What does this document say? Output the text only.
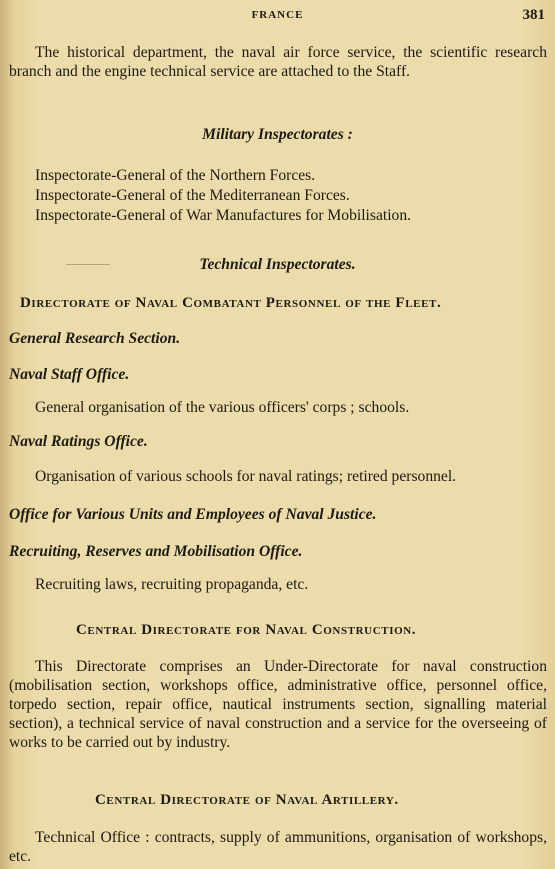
FRANCE	381
The historical department, the naval air force service, the scientific research branch and the engine technical service are attached to the Staff.
Military Inspectorates :
Inspectorate-General of the Northern Forces.
Inspectorate-General of the Mediterranean Forces.
Inspectorate-General of War Manufactures for Mobilisation.
Technical Inspectorates.
Directorate of Naval Combatant Personnel of the Fleet.
General Research Section.
Naval Staff Office.
General organisation of the various officers' corps ; schools.
Naval Ratings Office.
Organisation of various schools for naval ratings; retired personnel.
Office for Various Units and Employees of Naval Justice.
Recruiting, Reserves and Mobilisation Office.
Recruiting laws, recruiting propaganda, etc.
Central Directorate for Naval Construction.
This Directorate comprises an Under-Directorate for naval construction (mobilisation section, workshops office, administrative office, personnel office, torpedo section, repair office, nautical instruments section, signalling material section), a technical service of naval construction and a service for the overseeing of works to be carried out by industry.
Central Directorate of Naval Artillery.
Technical Office : contracts, supply of ammunitions, organisation of workshops, etc.
